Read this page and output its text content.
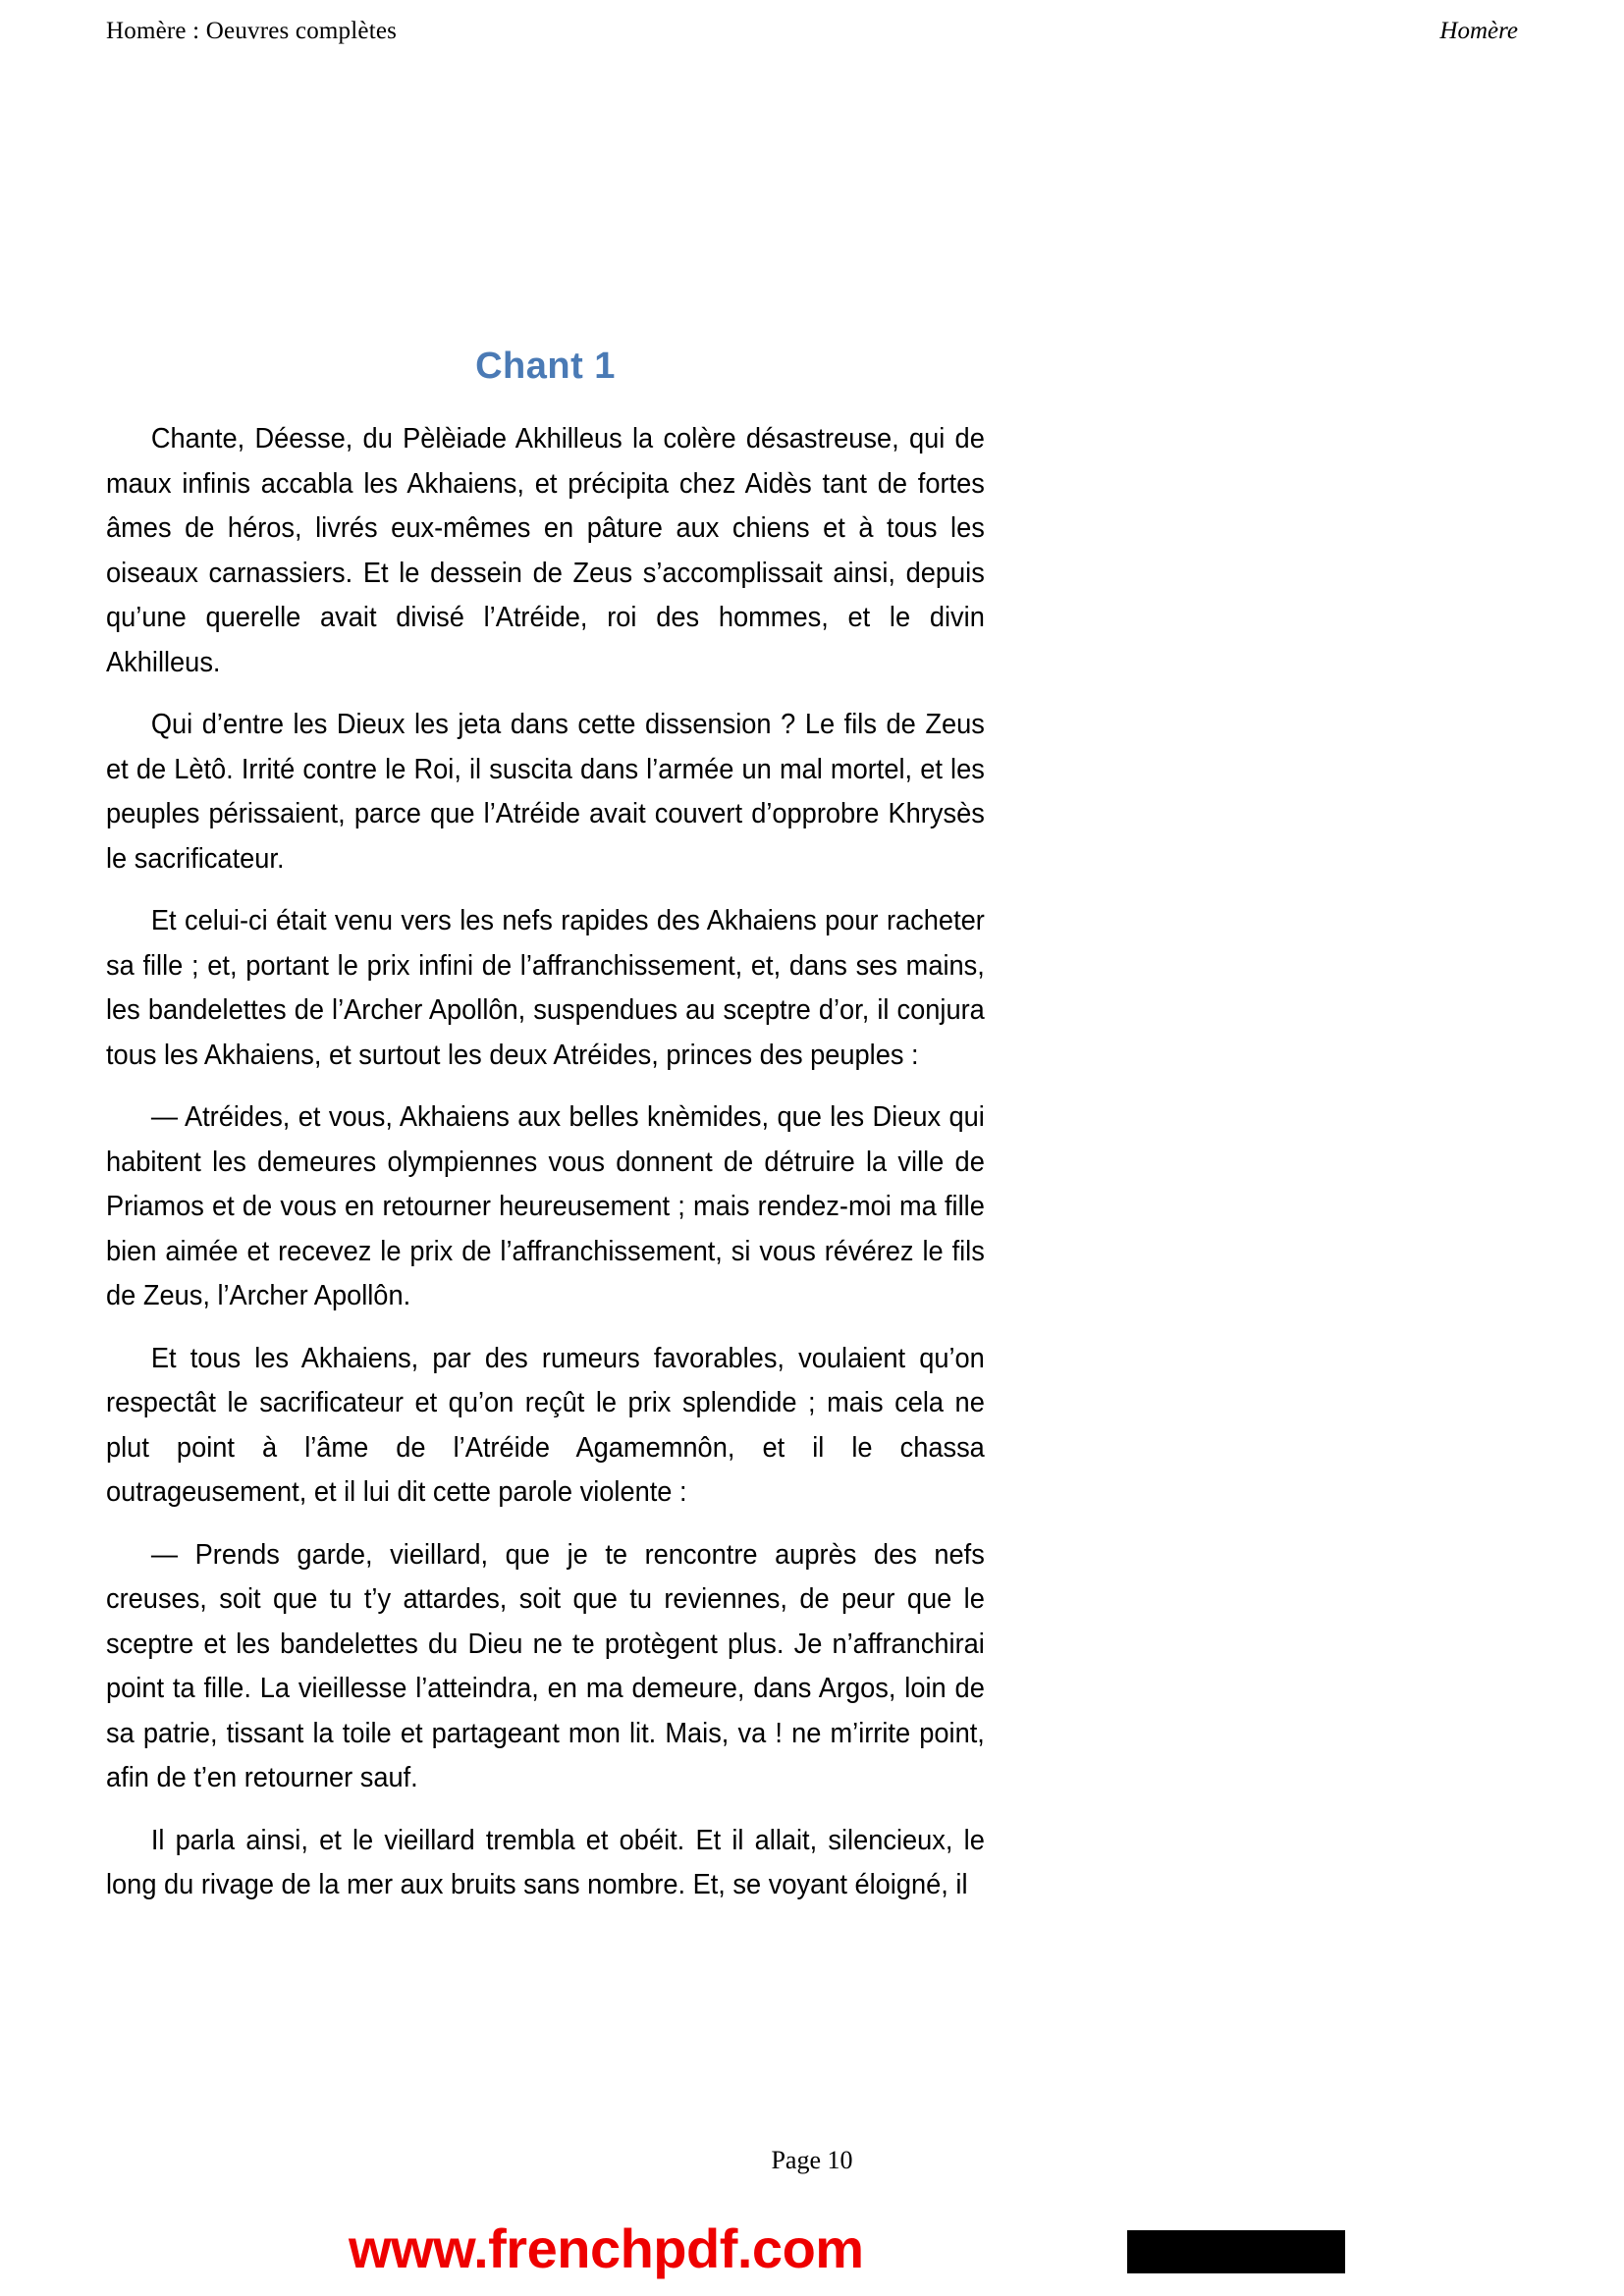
Homère : Oeuvres complètes	Homère
Chant 1

Chante, Déesse, du Pèlèiade Akhilleus la colère désastreuse, qui de maux infinis accabla les Akhaiens, et précipita chez Aidès tant de fortes âmes de héros, livrés eux-mêmes en pâture aux chiens et à tous les oiseaux carnassiers. Et le dessein de Zeus s’accomplissait ainsi, depuis qu’une querelle avait divisé l’Atréide, roi des hommes, et le divin Akhilleus.

Qui d’entre les Dieux les jeta dans cette dissension ? Le fils de Zeus et de Lètô. Irrité contre le Roi, il suscita dans l’armée un mal mortel, et les peuples périssaient, parce que l’Atréide avait couvert d’opprobre Khrysès le sacrificateur.

Et celui-ci était venu vers les nefs rapides des Akhaiens pour racheter sa fille ; et, portant le prix infini de l’affranchissement, et, dans ses mains, les bandelettes de l’Archer Apollôn, suspendues au sceptre d’or, il conjura tous les Akhaiens, et surtout les deux Atréides, princes des peuples :

— Atréides, et vous, Akhaiens aux belles knèmides, que les Dieux qui habitent les demeures olympiennes vous donnent de détruire la ville de Priamos et de vous en retourner heureusement ; mais rendez-moi ma fille bien aimée et recevez le prix de l’affranchissement, si vous révérez le fils de Zeus, l’Archer Apollôn.

Et tous les Akhaiens, par des rumeurs favorables, voulaient qu’on respectât le sacrificateur et qu’on reçût le prix splendide ; mais cela ne plut point à l’âme de l’Atréide Agamemnôn, et il le chassa outrageusement, et il lui dit cette parole violente :

— Prends garde, vieillard, que je te rencontre auprès des nefs creuses, soit que tu t’y attardes, soit que tu reviennes, de peur que le sceptre et les bandelettes du Dieu ne te protègent plus. Je n’affranchirai point ta fille. La vieillesse l’atteindra, en ma demeure, dans Argos, loin de sa patrie, tissant la toile et partageant mon lit. Mais, va ! ne m’irrite point, afin de t’en retourner sauf.

Il parla ainsi, et le vieillard trembla et obéit. Et il allait, silencieux, le long du rivage de la mer aux bruits sans nombre. Et, se voyant éloigné, il

Page 10
www.frenchpdf.com
